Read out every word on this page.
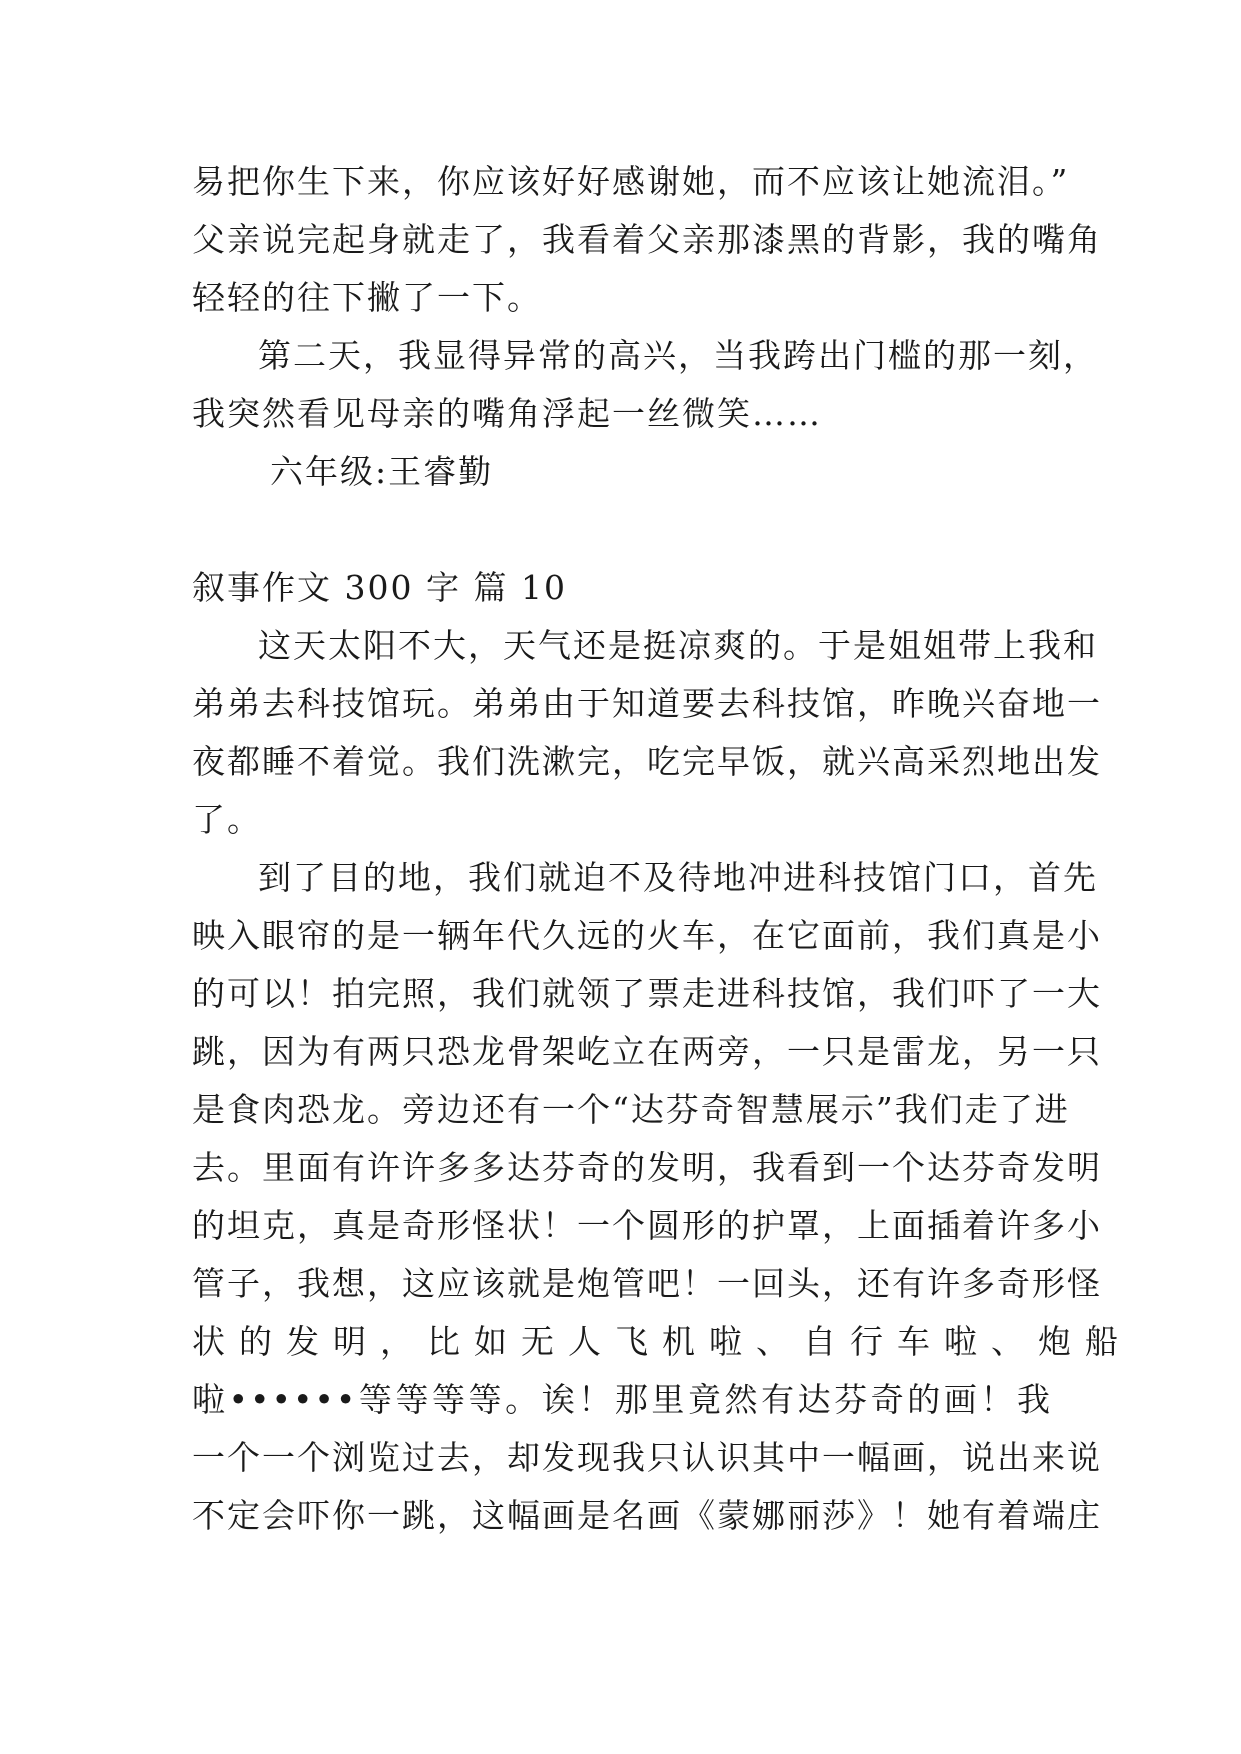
易把你生下来，你应该好好感谢她，而不应该让她流泪。”
父亲说完起身就走了，我看着父亲那漆黑的背影，我的嘴角
轻轻的往下撇了一下。
第二天，我显得异常的高兴，当我跨出门槛的那一刻，
我突然看见母亲的嘴角浮起一丝微笑……
六年级:王睿勤
叙事作文 300 字 篇 10
这天太阳不大，天气还是挺凉爽的。于是姐姐带上我和
弟弟去科技馆玩。弟弟由于知道要去科技馆，昨晚兴奋地一
夜都睡不着觉。我们洗漱完，吃完早饭，就兴高采烈地出发
了。
到了目的地，我们就迫不及待地冲进科技馆门口，首先
映入眼帘的是一辆年代久远的火车，在它面前，我们真是小
的可以！拍完照，我们就领了票走进科技馆，我们吓了一大
跳，因为有两只恐龙骨架屹立在两旁，一只是雷龙，另一只
是食肉恐龙。旁边还有一个“达芬奇智慧展示”我们走了进
去。里面有许许多多达芬奇的发明，我看到一个达芬奇发明
的坦克，真是奇形怪状！一个圆形的护罩，上面插着许多小
管子，我想，这应该就是炮管吧！一回头，还有许多奇形怪
状的发明，比如无人飞机啦、自行车啦、炮船
啦••••••等等等等。诶！那里竟然有达芬奇的画！我
一个一个浏览过去，却发现我只认识其中一幅画，说出来说
不定会吓你一跳，这幅画是名画《蒙娜丽莎》！她有着端庄
